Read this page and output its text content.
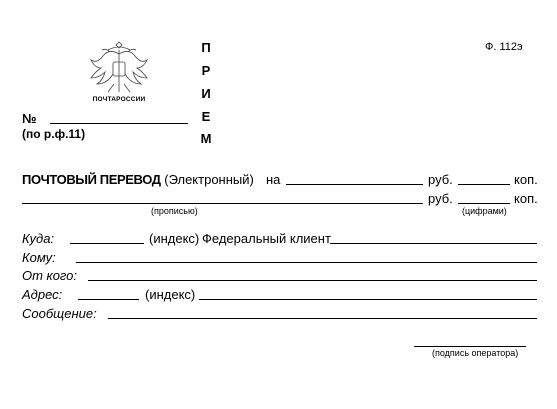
ПОЧТАРОССИИ
№
(по р.ф.11)
П
Р
И
Е
М
Ф. 112э
ПОЧТОВЫЙ ПЕРЕВОД (Электронный) на	руб.	коп.
руб.	коп.
(прописью)	(цифрами)
Куда:	(индекс) Федеральный клиент
Кому:
От кого:
Адрес:	(индекс)
Сообщение:
(подпись оператора)
